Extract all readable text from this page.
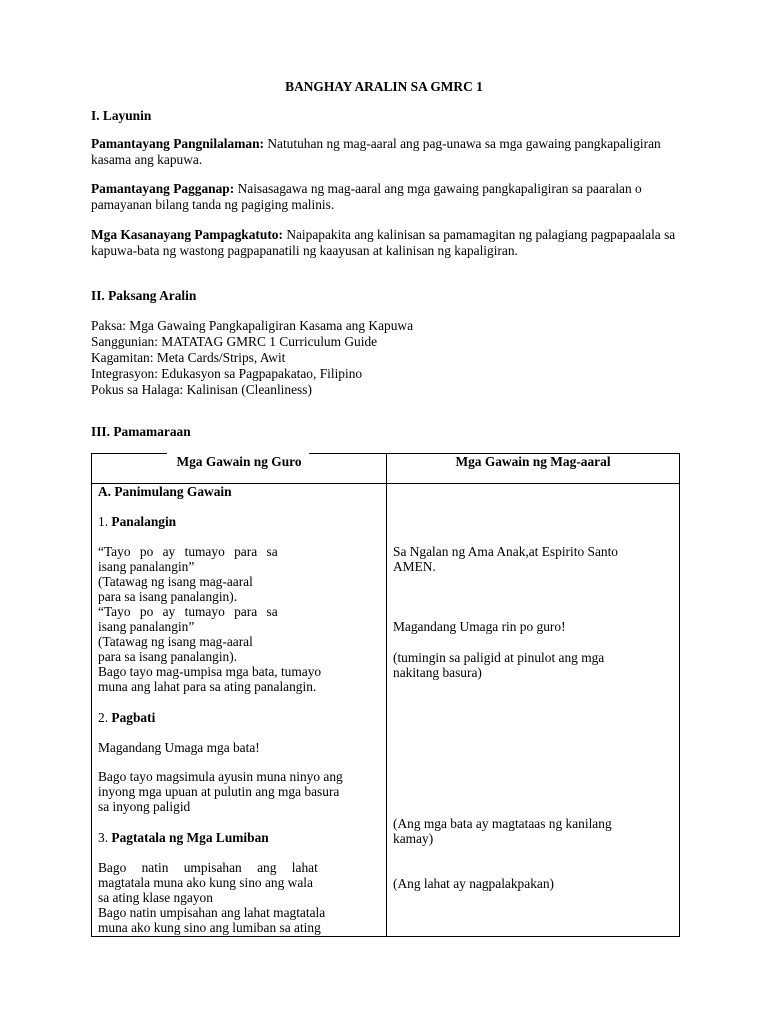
BANGHAY ARALIN SA GMRC 1
I. Layunin
Pamantayang Pangnilalaman: Natutuhan ng mag-aaral ang pag-unawa sa mga gawaing pangkapaligiran kasama ang kapuwa.
Pamantayang Pagganap: Naisasagawa ng mag-aaral ang mga gawaing pangkapaligiran sa paaralan o pamayanan bilang tanda ng pagiging malinis.
Mga Kasanayang Pampagkatuto: Naipapakita ang kalinisan sa pamamagitan ng palagiang pagpapaalala sa kapuwa-bata ng wastong pagpapanatili ng kaayusan at kalinisan ng kapaligiran.
II. Paksang Aralin
Paksa: Mga Gawaing Pangkapaligiran Kasama ang Kapuwa
Sanggunian: MATATAG GMRC 1 Curriculum Guide
Kagamitan: Meta Cards/Strips, Awit
Integrasyon: Edukasyon sa Pagpapakatao, Filipino
Pokus sa Halaga: Kalinisan (Cleanliness)
III. Pamamaraan
Mga Gawain ng Guro	Mga Gawain ng Mag-aaral
A. Panimulang Gawain
1. Panalangin
“Tayo po ay tumayo para sa
isang panalangin”
(Tatawag ng isang mag-aaral
para sa isang panalangin).
“Tayo po ay tumayo para sa
isang panalangin”
(Tatawag ng isang mag-aaral
para sa isang panalangin).
Bago tayo mag-umpisa mga bata, tumayo
muna ang lahat para sa ating panalangin.
2. Pagbati
Magandang Umaga mga bata!
Bago tayo magsimula ayusin muna ninyo ang
inyong mga upuan at pulutin ang mga basura
sa inyong paligid
3. Pagtatala ng Mga Lumiban
Bago natin umpisahan ang lahat
magtatala muna ako kung sino ang wala
sa ating klase ngayon
Bago natin umpisahan ang lahat magtatala
muna ako kung sino ang lumiban sa ating
Sa Ngalan ng Ama Anak,at Espirito Santo
AMEN.
Magandang Umaga rin po guro!
(tumingin sa paligid at pinulot ang mga
nakitang basura)
(Ang mga bata ay magtataas ng kanilang
kamay)
(Ang lahat ay nagpalakpakan)
